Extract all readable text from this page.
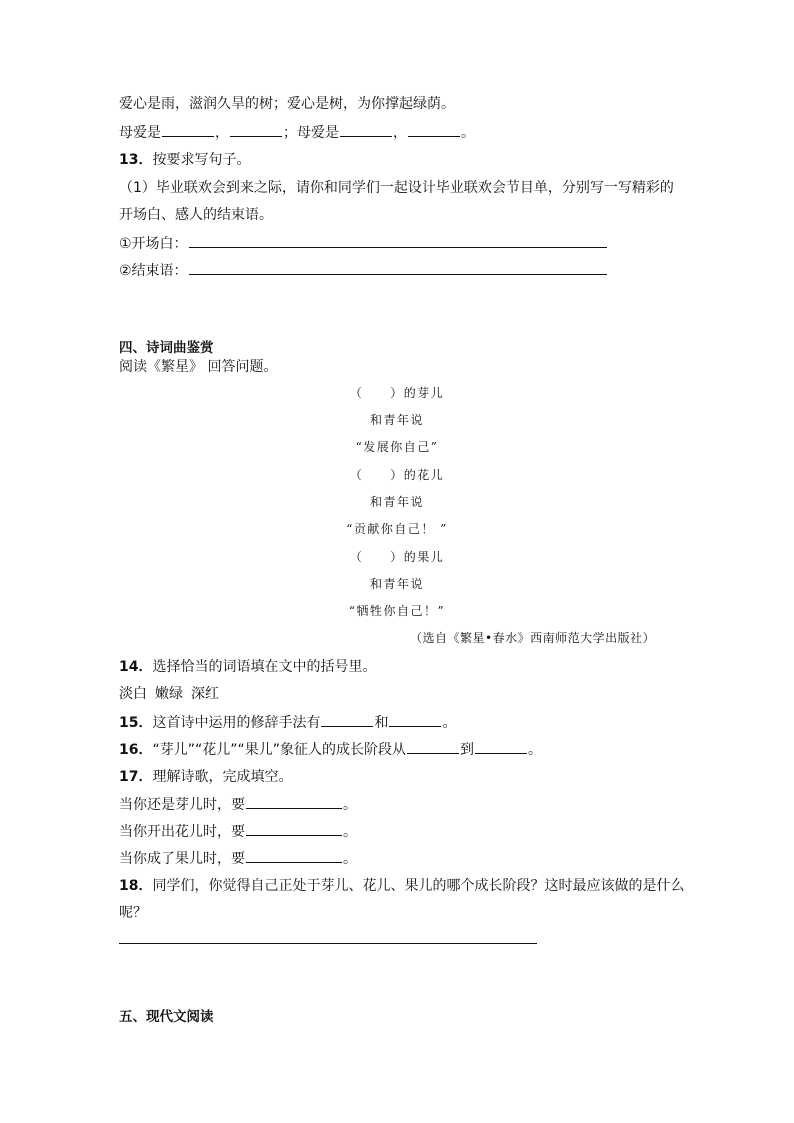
爱心是雨，滋润久旱的树；爱心是树，为你撑起绿荫。
母爱是	，	；母爱是	，	。
13．按要求写句子。
（1）毕业联欢会到来之际，请你和同学们一起设计毕业联欢会节目单，分别写一写精彩的
开场白、感人的结束语。
①开场白：
②结束语：
四、诗词曲鉴赏
阅读《繁星》 回答问题。
（　　）的芽儿
和青年说
“发展你自己”
（　　）的花儿
和青年说
“贡献你自己！ ”
（　　）的果儿
和青年说
“牺牲你自己！”
（选自《繁星•春水》西南师范大学出版社）
14．选择恰当的词语填在文中的括号里。
淡白 嫩绿 深红
15．这首诗中运用的修辞手法有	和	。
16．“芽儿”“花儿”“果儿”象征人的成长阶段从	到	。
17．理解诗歌，完成填空。
当你还是芽儿时，要	。
当你开出花儿时，要	。
当你成了果儿时，要	。
18．同学们，你觉得自己正处于芽儿、花儿、果儿的哪个成长阶段？这时最应该做的是什么
呢？
五、现代文阅读
